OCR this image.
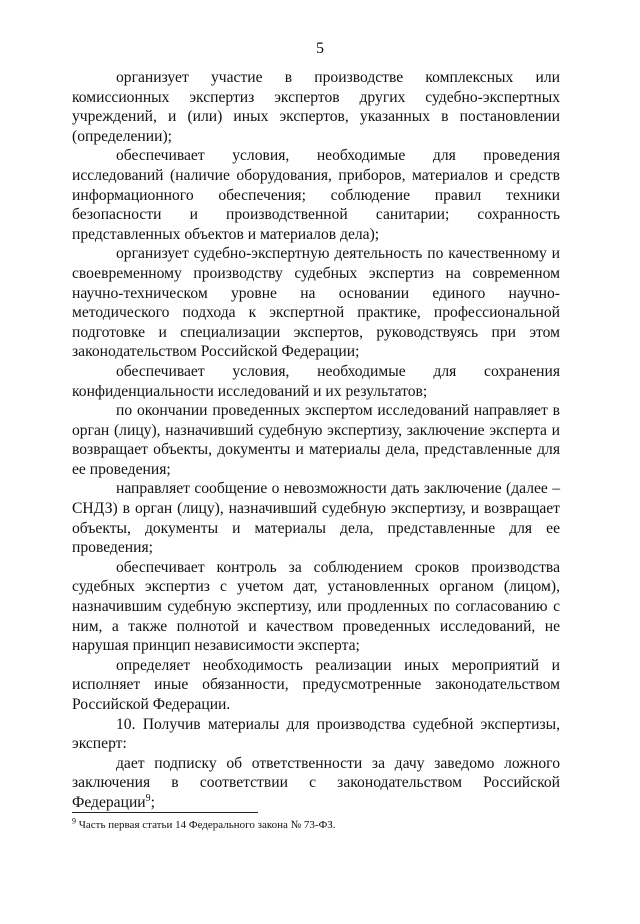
5

организует участие в производстве комплексных или комиссионных экспертиз экспертов других судебно-экспертных учреждений, и (или) иных экспертов, указанных в постановлении (определении);

обеспечивает условия, необходимые для проведения исследований (наличие оборудования, приборов, материалов и средств информационного обеспечения; соблюдение правил техники безопасности и производственной санитарии; сохранность представленных объектов и материалов дела);

организует судебно-экспертную деятельность по качественному и своевременному производству судебных экспертиз на современном научно-техническом уровне на основании единого научно-методического подхода к экспертной практике, профессиональной подготовке и специализации экспертов, руководствуясь при этом законодательством Российской Федерации;

обеспечивает условия, необходимые для сохранения конфиденциальности исследований и их результатов;

по окончании проведенных экспертом исследований направляет в орган (лицу), назначивший судебную экспертизу, заключение эксперта и возвращает объекты, документы и материалы дела, представленные для ее проведения;

направляет сообщение о невозможности дать заключение (далее – СНДЗ) в орган (лицу), назначивший судебную экспертизу, и возвращает объекты, документы и материалы дела, представленные для ее проведения;

обеспечивает контроль за соблюдением сроков производства судебных экспертиз с учетом дат, установленных органом (лицом), назначившим судебную экспертизу, или продленных по согласованию с ним, а также полнотой и качеством проведенных исследований, не нарушая принцип независимости эксперта;

определяет необходимость реализации иных мероприятий и исполняет иные обязанности, предусмотренные законодательством Российской Федерации.

10. Получив материалы для производства судебной экспертизы, эксперт:

дает подписку об ответственности за дачу заведомо ложного заключения в соответствии с законодательством Российской Федерации$^9$;

$^9$ Часть первая статьи 14 Федерального закона № 73-ФЗ.
